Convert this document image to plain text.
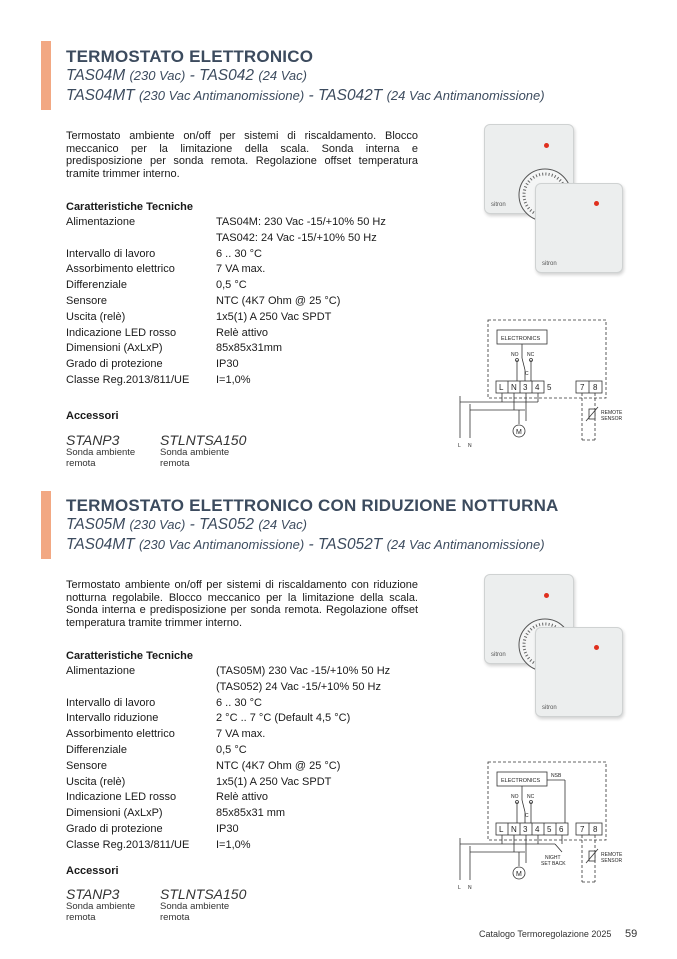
TERMOSTATO ELETTRONICO
TAS04M (230 Vac) - TAS042 (24 Vac)
TAS04MT (230 Vac Antimanomissione) - TAS042T (24 Vac Antimanomissione)
Termostato ambiente on/off per sistemi di riscaldamento. Blocco meccanico per la limitazione della scala. Sonda interna e predisposizione per sonda remota. Regolazione offset temperatura tramite trimmer interno.
Caratteristiche Tecniche
Alimentazione	TAS04M: 230 Vac -15/+10% 50 Hz
TAS042: 24 Vac -15/+10% 50 Hz
Intervallo di lavoro	6 .. 30 °C
Assorbimento elettrico	7 VA max.
Differenziale	0,5 °C
Sensore	NTC (4K7 Ohm @ 25 °C)
Uscita (relè)	1x5(1) A 250 Vac SPDT
Indicazione LED rosso	Relè attivo
Dimensioni (AxLxP)	85x85x31mm
Grado di protezione	IP30
Classe Reg.2013/811/UE I=1,0%
Accessori
STANP3
Sonda ambiente remota
STLNTSA150
Sonda ambiente remota
sitron
sitron
ELECTRONICS
NO NC
C
L N 3 4 5	7 8
REMOTE
SENSOR
M
L N
TERMOSTATO ELETTRONICO CON RIDUZIONE NOTTURNA
TAS05M (230 Vac) - TAS052 (24 Vac)
TAS04MT (230 Vac Antimanomissione) - TAS052T (24 Vac Antimanomissione)
Termostato ambiente on/off per sistemi di riscaldamento con riduzione notturna regolabile. Blocco meccanico per la limitazione della scala. Sonda interna e predisposizione per sonda remota. Regolazione offset temperatura tramite trimmer interno.
Caratteristiche Tecniche
Alimentazione	(TAS05M) 230 Vac -15/+10% 50 Hz
(TAS052) 24 Vac -15/+10% 50 Hz
Intervallo di lavoro	6 .. 30 °C
Intervallo riduzione	2 °C .. 7 °C (Default 4,5 °C)
Assorbimento elettrico	7 VA max.
Differenziale	0,5 °C
Sensore	NTC (4K7 Ohm @ 25 °C)
Uscita (relè)	1x5(1) A 250 Vac SPDT
Indicazione LED rosso	Relè attivo
Dimensioni (AxLxP)	85x85x31 mm
Grado di protezione	IP30
Classe Reg.2013/811/UE I=1,0%
Accessori
STANP3
Sonda ambiente remota
STLNTSA150
Sonda ambiente remota
sitron
sitron
ELECTRONICS
NSB
NO NC
C
L N 3 4 5 6 7 8
NIGHT
SET BACK
REMOTE
SENSOR
M
L N
Catalogo Termoregolazione 2025 59
